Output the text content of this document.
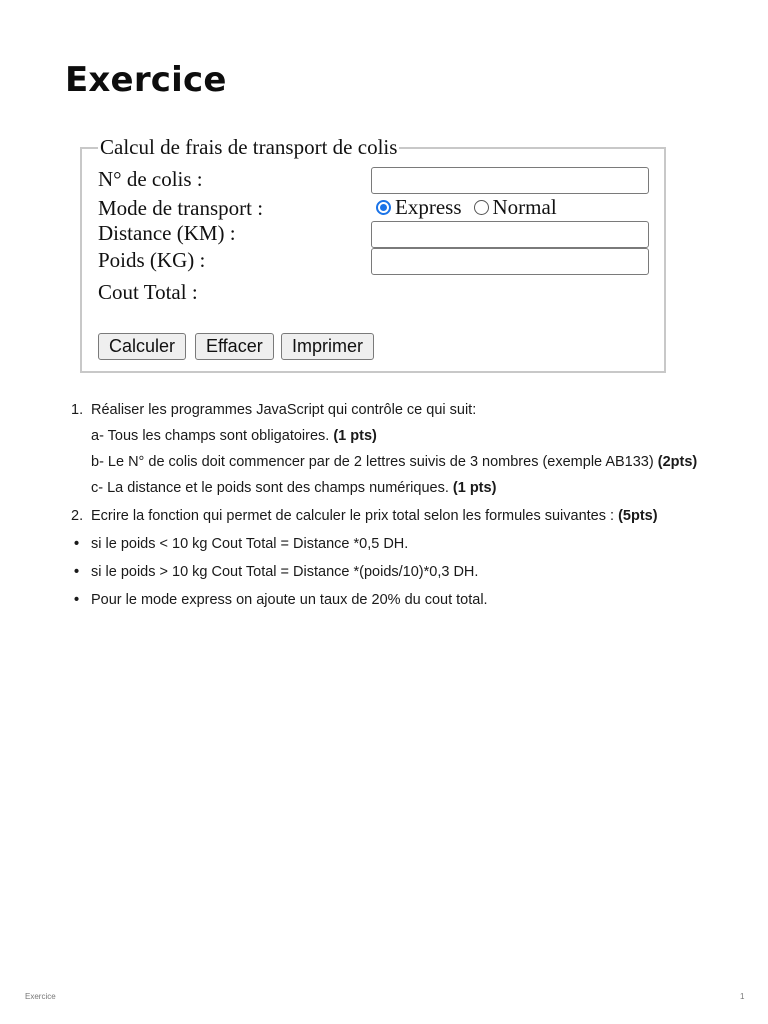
Exercice
Calcul de frais de transport de colis
N° de colis :
Mode de transport :	Express Normal
Distance (KM) :
Poids (KG) :
Cout Total :
Calculer	Effacer	Imprimer
1. Réaliser les programmes JavaScript qui contrôle ce qui suit:
a- Tous les champs sont obligatoires. (1 pts)
b- Le N° de colis doit commencer par de 2 lettres suivis de 3 nombres (exemple AB133) (2pts)
c- La distance et le poids sont des champs numériques. (1 pts)
2. Ecrire la fonction qui permet de calculer le prix total selon les formules suivantes : (5pts)
• si le poids < 10 kg Cout Total = Distance *0,5 DH.
• si le poids > 10 kg Cout Total = Distance *(poids/10)*0,3 DH.
• Pour le mode express on ajoute un taux de 20% du cout total.
Exercice	1
